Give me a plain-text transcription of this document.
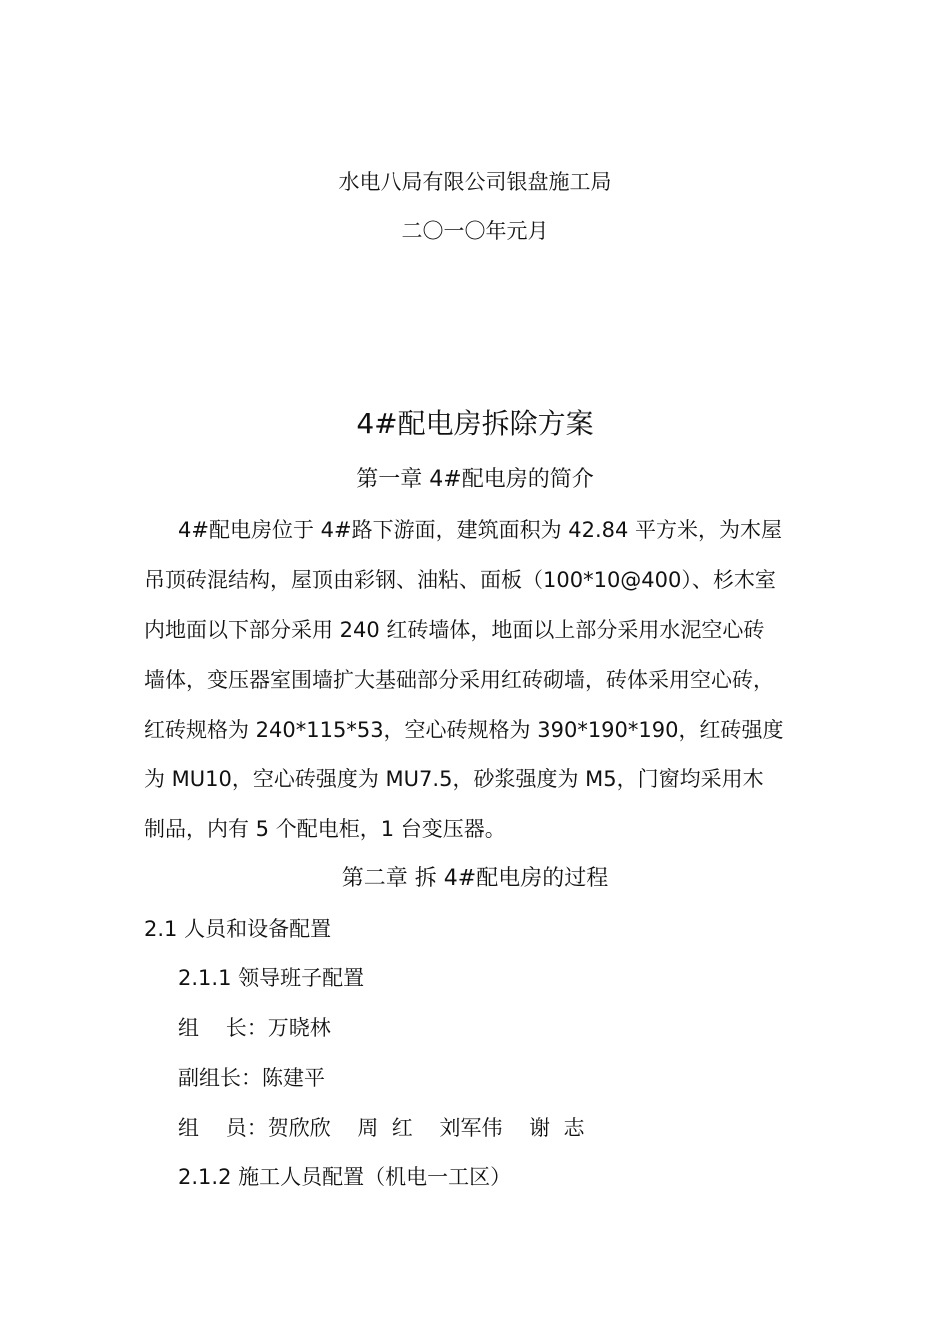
水电八局有限公司银盘施工局
二〇一〇年元月
4#配电房拆除方案
第一章 4#配电房的简介
4#配电房位于 4#路下游面，建筑面积为 42.84 平方米，为木屋
吊顶砖混结构，屋顶由彩钢、油粘、面板（100*10@400）、杉木室
内地面以下部分采用 240 红砖墙体，地面以上部分采用水泥空心砖
墙体，变压器室围墙扩大基础部分采用红砖砌墙，砖体采用空心砖，
红砖规格为 240*115*53，空心砖规格为 390*190*190，红砖强度
为 MU10，空心砖强度为 MU7.5，砂浆强度为 M5，门窗均采用木
制品，内有 5 个配电柜，1 台变压器。
第二章 拆 4#配电房的过程
2.1 人员和设备配置
2.1.1 领导班子配置
组    长：万晓林
副组长：陈建平
组    员：贺欣欣    周  红    刘军伟    谢  志
2.1.2 施工人员配置（机电一工区）
